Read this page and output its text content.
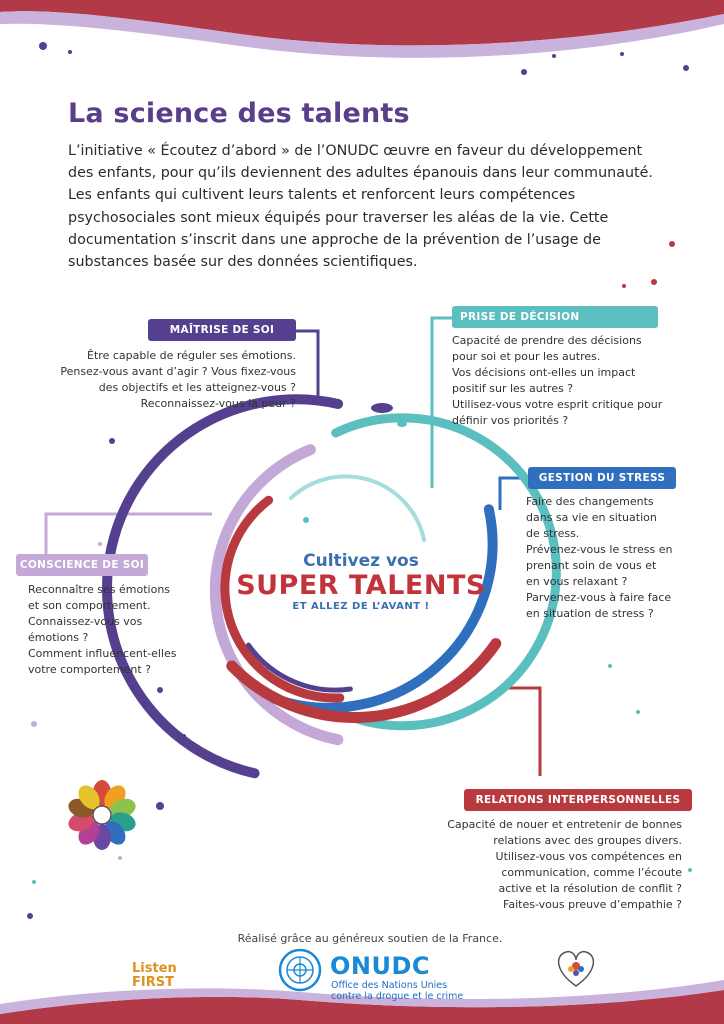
La science des talents
L’initiative « Écoutez d’abord » de l’ONUDC œuvre en faveur du développement des enfants, pour qu’ils deviennent des adultes épanouis dans leur communauté. Les enfants qui cultivent leurs talents et renforcent leurs compétences psychosociales sont mieux équipés pour traverser les aléas de la vie. Cette documentation s’inscrit dans une approche de la prévention de l’usage de substances basée sur des données scientifiques.
MAÎTRISE DE SOI
Être capable de réguler ses émotions.
Pensez-vous avant d’agir ? Vous fixez-vous
des objectifs et les atteignez-vous ?
Reconnaissez-vous la peur ?
CONSCIENCE DE SOI
Reconnaître ses émotions
et son comportement.
Connaissez-vous vos
émotions ?
Comment influencent-elles
votre comportement ?
PRISE DE DÉCISION
Capacité de prendre des décisions
pour soi et pour les autres.
Vos décisions ont-elles un impact
positif sur les autres ?
Utilisez-vous votre esprit critique pour
définir vos priorités ?
GESTION DU STRESS
Faire des changements
dans sa vie en situation
de stress.
Prévenez-vous le stress en
prenant soin de vous et
en vous relaxant ?
Parvenez-vous à faire face
en situation de stress ?
RELATIONS INTERPERSONNELLES
Capacité de nouer et entretenir de bonnes
relations avec des groupes divers.
Utilisez-vous vos compétences en
communication, comme l’écoute
active et la résolution de conflit ?
Faites-vous preuve d’empathie ?
Cultivez vos
SUPER TALENTS
ET ALLEZ DE L’AVANT !
Réalisé grâce au généreux soutien de la France.
Listen
FIRST
ONUDC
Office des Nations Unies
contre la drogue et le crime
